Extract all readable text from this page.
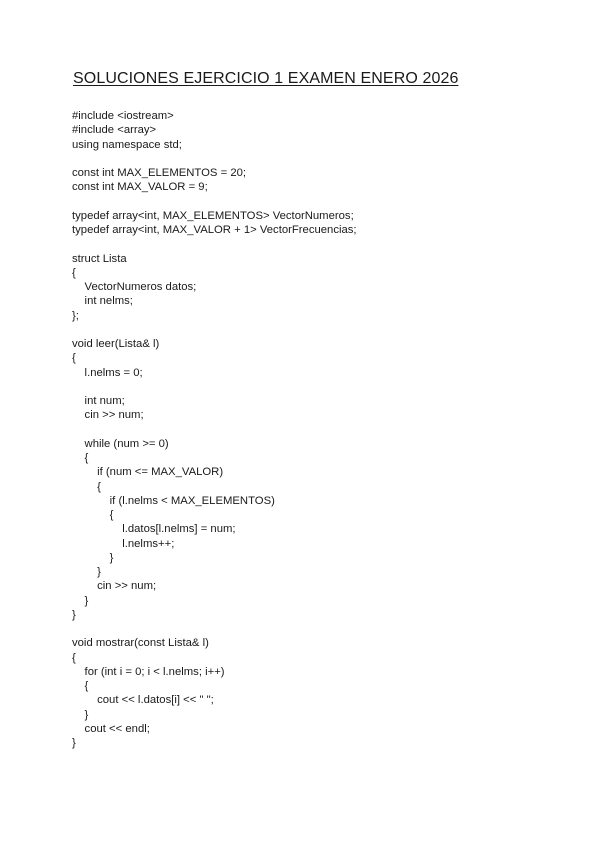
SOLUCIONES EJERCICIO 1 EXAMEN ENERO 2026
#include <iostream>
#include <array>
using namespace std;
const int MAX_ELEMENTOS = 20;
const int MAX_VALOR = 9;
typedef array<int, MAX_ELEMENTOS> VectorNumeros;
typedef array<int, MAX_VALOR + 1> VectorFrecuencias;
struct Lista
{
VectorNumeros datos;
int nelms;
};
void leer(Lista& l)
{
l.nelms = 0;
int num;
cin >> num;
while (num >= 0)
{
if (num <= MAX_VALOR)
{
if (l.nelms < MAX_ELEMENTOS)
{
l.datos[l.nelms] = num;
l.nelms++;
}
}
cin >> num;
}
}
void mostrar(const Lista& l)
{
for (int i = 0; i < l.nelms; i++)
{
cout << l.datos[i] << " ";
}
cout << endl;
}
